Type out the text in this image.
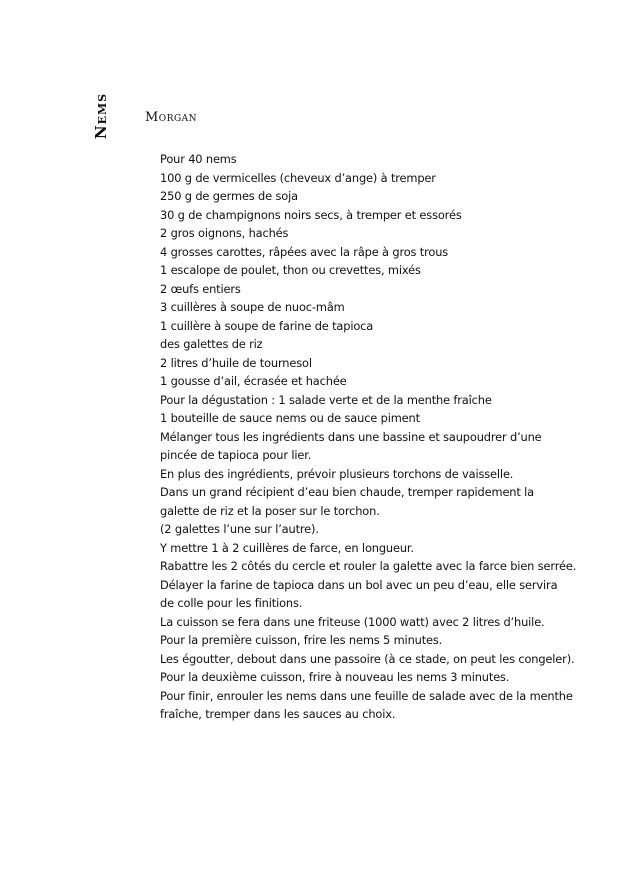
Nems	Morgan
Pour 40 nems
100 g de vermicelles (cheveux d’ange) à tremper
250 g de germes de soja
30 g de champignons noirs secs, à tremper et essorés
2 gros oignons, hachés
4 grosses carottes, râpées avec la râpe à gros trous
1 escalope de poulet, thon ou crevettes, mixés
2 œufs entiers
3 cuillères à soupe de nuoc-mâm
1 cuillère à soupe de farine de tapioca
des galettes de riz
2 litres d’huile de tournesol
1 gousse d’ail, écrasée et hachée
Pour la dégustation : 1 salade verte et de la menthe fraîche
1 bouteille de sauce nems ou de sauce piment
Mélanger tous les ingrédients dans une bassine et saupoudrer d’une
pincée de tapioca pour lier.
En plus des ingrédients, prévoir plusieurs torchons de vaisselle.
Dans un grand récipient d’eau bien chaude, tremper rapidement la
galette de riz et la poser sur le torchon.
(2 galettes l’une sur l’autre).
Y mettre 1 à 2 cuillères de farce, en longueur.
Rabattre les 2 côtés du cercle et rouler la galette avec la farce bien serrée.
Délayer la farine de tapioca dans un bol avec un peu d’eau, elle servira
de colle pour les finitions.
La cuisson se fera dans une friteuse (1000 watt) avec 2 litres d’huile.
Pour la première cuisson, frire les nems 5 minutes.
Les égoutter, debout dans une passoire (à ce stade, on peut les congeler).
Pour la deuxième cuisson, frire à nouveau les nems 3 minutes.
Pour finir, enrouler les nems dans une feuille de salade avec de la menthe
fraîche, tremper dans les sauces au choix.
